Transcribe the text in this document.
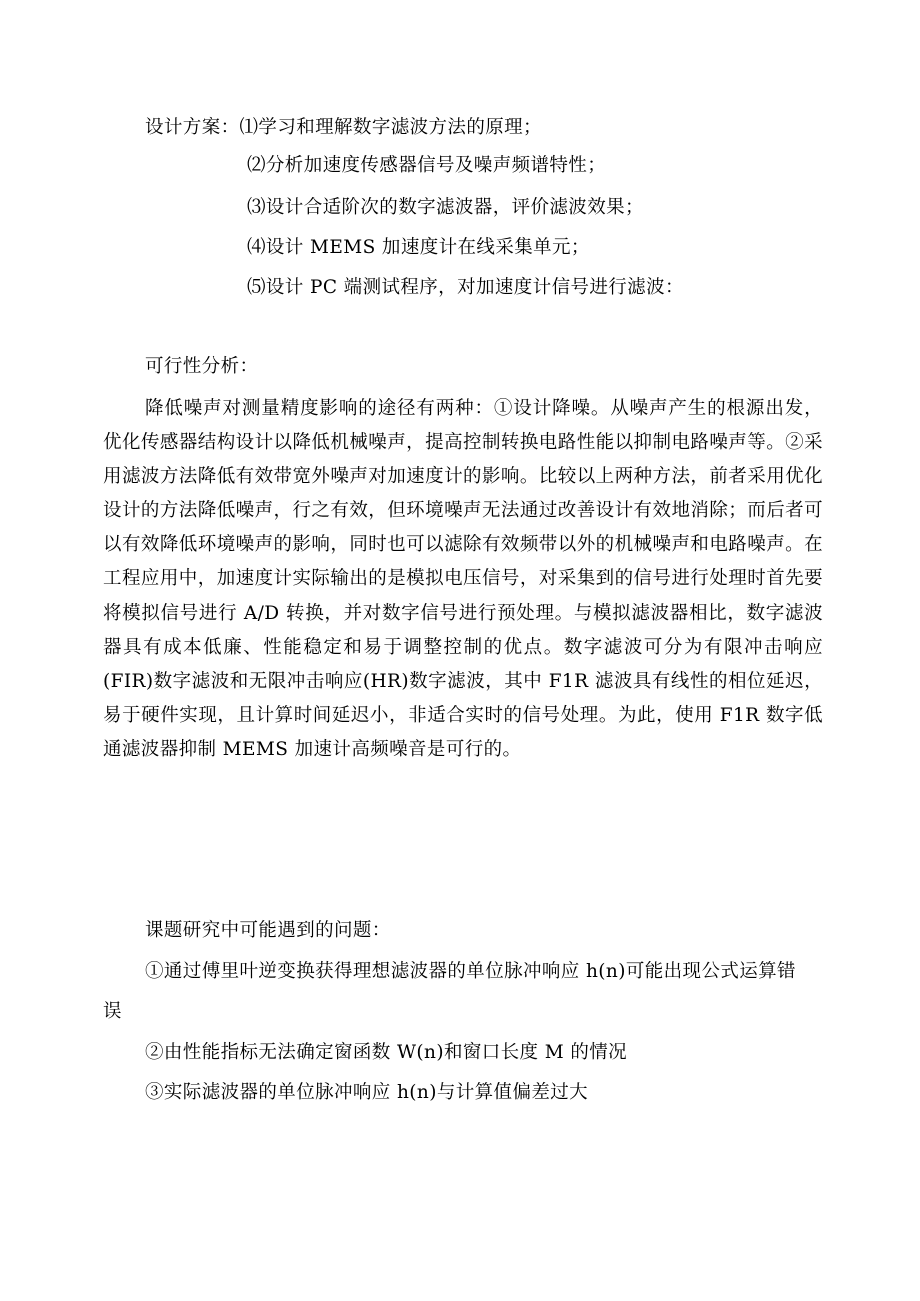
设计方案：⑴学习和理解数字滤波方法的原理；
⑵分析加速度传感器信号及噪声频谱特性；
⑶设计合适阶次的数字滤波器，评价滤波效果；
⑷设计 MEMS 加速度计在线采集单元；
⑸设计 PC 端测试程序，对加速度计信号进行滤波：
可行性分析：
降低噪声对测量精度影响的途径有两种：①设计降噪。从噪声产生的根源出发，优化传感器结构设计以降低机械噪声，提高控制转换电路性能以抑制电路噪声等。②采用滤波方法降低有效带宽外噪声对加速度计的影响。比较以上两种方法，前者采用优化设计的方法降低噪声，行之有效，但环境噪声无法通过改善设计有效地消除；而后者可以有效降低环境噪声的影响，同时也可以滤除有效频带以外的机械噪声和电路噪声。在工程应用中，加速度计实际输出的是模拟电压信号，对采集到的信号进行处理时首先要将模拟信号进行 A/D 转换，并对数字信号进行预处理。与模拟滤波器相比，数字滤波器具有成本低廉、性能稳定和易于调整控制的优点。数字滤波可分为有限冲击响应(FIR)数字滤波和无限冲击响应(HR)数字滤波，其中 F1R 滤波具有线性的相位延迟，易于硬件实现，且计算时间延迟小，非适合实时的信号处理。为此，使用 F1R 数字低通滤波器抑制 MEMS 加速计高频噪音是可行的。
课题研究中可能遇到的问题：
①通过傅里叶逆变换获得理想滤波器的单位脉冲响应 h(n)可能出现公式运算错
误
②由性能指标无法确定窗函数 W(n)和窗口长度 M 的情况
③实际滤波器的单位脉冲响应 h(n)与计算值偏差过大
